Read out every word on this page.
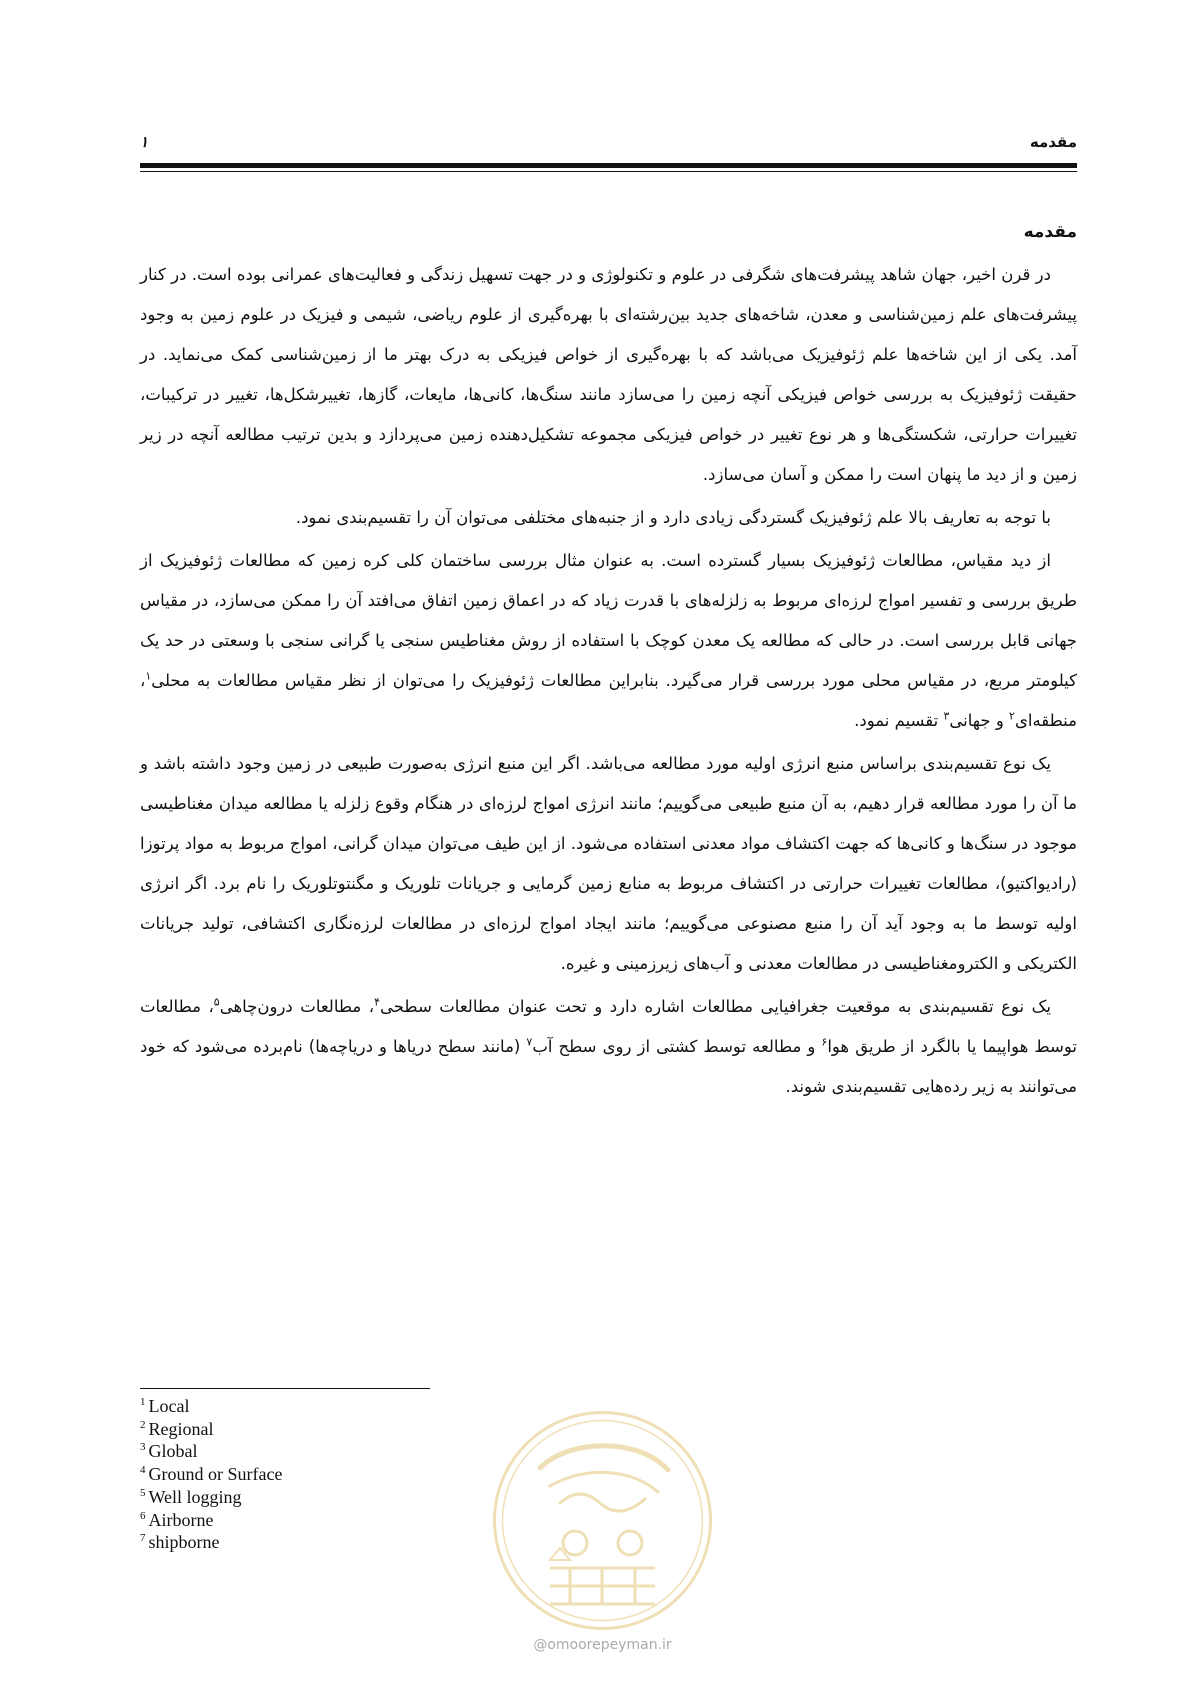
۱	مقدمه
مقدمه

در قرن اخیر، جهان شاهد پیشرفت‌های شگرفی در علوم و تکنولوژی و در جهت تسهیل زندگی و فعالیت‌های عمرانی بوده است. در کنار پیشرفت‌های علم زمین‌شناسی و معدن، شاخه‌های جدید بین‌رشته‌ای با بهره‌گیری از علوم ریاضی، شیمی و فیزیک در علوم زمین به وجود آمد. یکی از این شاخه‌ها علم ژئوفیزیک می‌باشد که با بهره‌گیری از خواص فیزیکی به درک بهتر ما از زمین‌شناسی کمک می‌نماید. در حقیقت ژئوفیزیک به بررسی خواص فیزیکی آنچه زمین را می‌سازد مانند سنگ‌ها، کانی‌ها، مایعات، گازها، تغییرشکل‌ها، تغییر در ترکیبات، تغییرات حرارتی، شکستگی‌ها و هر نوع تغییر در خواص فیزیکی مجموعه تشکیل‌دهنده زمین می‌پردازد و بدین ترتیب مطالعه آنچه در زیر زمین و از دید ما پنهان است را ممکن و آسان می‌سازد.

با توجه به تعاریف بالا علم ژئوفیزیک گستردگی زیادی دارد و از جنبه‌های مختلفی می‌توان آن را تقسیم‌بندی نمود.

از دید مقیاس، مطالعات ژئوفیزیک بسیار گسترده است. به عنوان مثال بررسی ساختمان کلی کره زمین که مطالعات ژئوفیزیک از طریق بررسی و تفسیر امواج لرزه‌ای مربوط به زلزله‌های با قدرت زیاد که در اعماق زمین اتفاق می‌افتد آن را ممکن می‌سازد، در مقیاس جهانی قابل بررسی است. در حالی که مطالعه یک معدن کوچک با استفاده از روش مغناطیس سنجی یا گرانی سنجی با وسعتی در حد یک کیلومتر مربع، در مقیاس محلی مورد بررسی قرار می‌گیرد. بنابراین مطالعات ژئوفیزیک را می‌توان از نظر مقیاس مطالعات به محلی$^۱$، منطقه‌ای$^۲$ و جهانی$^۳$ تقسیم نمود.

یک نوع تقسیم‌بندی براساس منبع انرژی اولیه مورد مطالعه می‌باشد. اگر این منبع انرژی به‌صورت طبیعی در زمین وجود داشته باشد و ما آن را مورد مطالعه قرار دهیم، به آن منبع طبیعی می‌گوییم؛ مانند انرژی امواج لرزه‌ای در هنگام وقوع زلزله یا مطالعه میدان مغناطیسی موجود در سنگ‌ها و کانی‌ها که جهت اکتشاف مواد معدنی استفاده می‌شود. از این طیف می‌توان میدان گرانی، امواج مربوط به مواد پرتوزا (رادیواکتیو)، مطالعات تغییرات حرارتی در اکتشاف مربوط به منابع زمین گرمایی و جریانات تلوریک و مگنتوتلوریک را نام برد. اگر انرژی اولیه توسط ما به وجود آید آن را منبع مصنوعی می‌گوییم؛ مانند ایجاد امواج لرزه‌ای در مطالعات لرزه‌نگاری اکتشافی، تولید جریانات الکتریکی و الکترومغناطیسی در مطالعات معدنی و آب‌های زیرزمینی و غیره.

یک نوع تقسیم‌بندی به موقعیت جغرافیایی مطالعات اشاره دارد و تحت عنوان مطالعات سطحی$^۴$، مطالعات درون‌چاهی$^۵$، مطالعات توسط هواپیما یا بالگرد از طریق هوا$^۶$ و مطالعه توسط کشتی از روی سطح آب$^۷$ (مانند سطح دریاها و دریاچه‌ها) نام‌برده می‌شود که خود می‌توانند به زیر رده‌هایی تقسیم‌بندی شوند.

$^1$ Local
$^2$ Regional
$^3$ Global
$^4$ Ground or Surface
$^5$ Well logging
$^6$ Airborne
$^7$ shipborne
@omoorepeyman.ir
